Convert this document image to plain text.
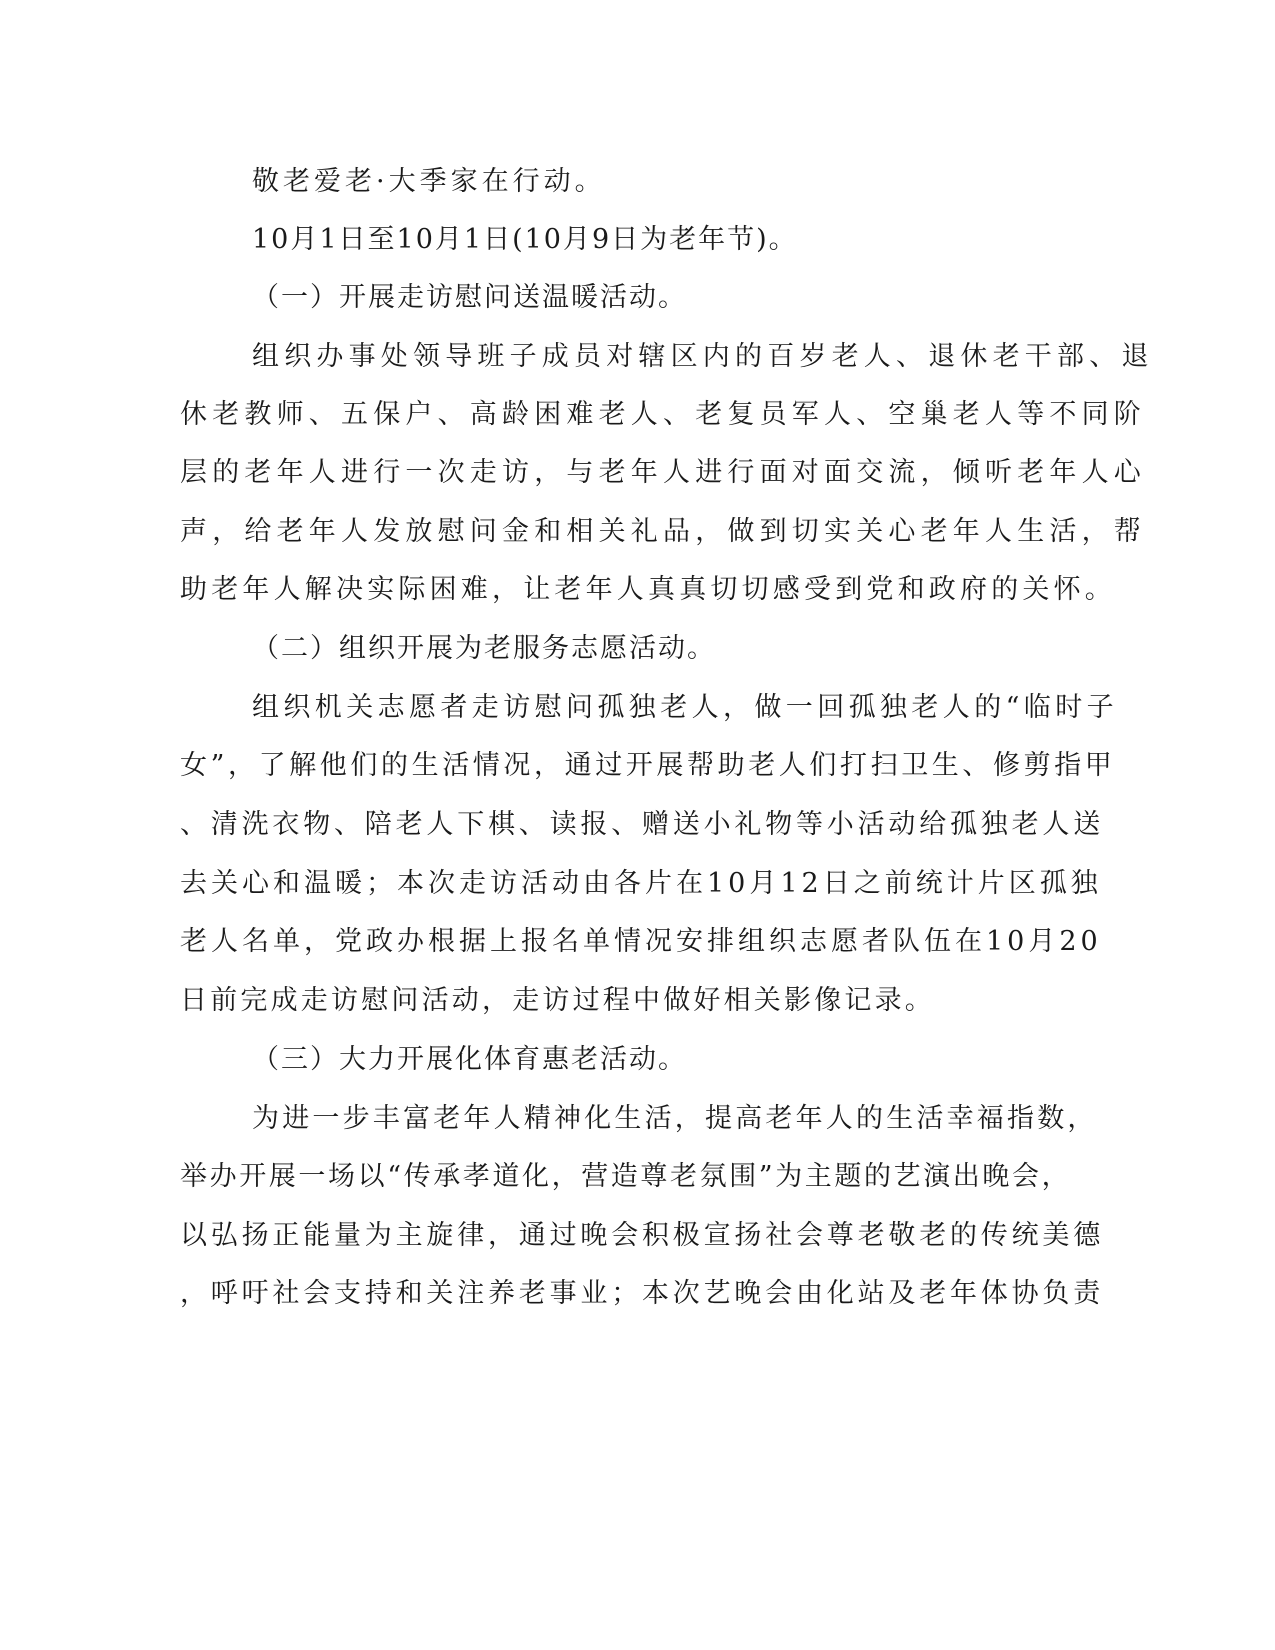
敬老爱老·大季家在行动。

10月1日至10月1日(10月9日为老年节)。

（一）开展走访慰问送温暖活动。

组织办事处领导班子成员对辖区内的百岁老人、退休老干部、退

休老教师、五保户、高龄困难老人、老复员军人、空巢老人等不同阶

层的老年人进行一次走访，与老年人进行面对面交流，倾听老年人心

声，给老年人发放慰问金和相关礼品，做到切实关心老年人生活，帮

助老年人解决实际困难，让老年人真真切切感受到党和政府的关怀。

（二）组织开展为老服务志愿活动。

组织机关志愿者走访慰问孤独老人，做一回孤独老人的“临时子

女”，了解他们的生活情况，通过开展帮助老人们打扫卫生、修剪指甲

、清洗衣物、陪老人下棋、读报、赠送小礼物等小活动给孤独老人送

去关心和温暖；本次走访活动由各片在10月12日之前统计片区孤独

老人名单，党政办根据上报名单情况安排组织志愿者队伍在10月20

日前完成走访慰问活动，走访过程中做好相关影像记录。

（三）大力开展化体育惠老活动。

为进一步丰富老年人精神化生活，提高老年人的生活幸福指数，

举办开展一场以“传承孝道化，营造尊老氛围”为主题的艺演出晚会，

以弘扬正能量为主旋律，通过晚会积极宣扬社会尊老敬老的传统美德

，呼吁社会支持和关注养老事业；本次艺晚会由化站及老年体协负责
